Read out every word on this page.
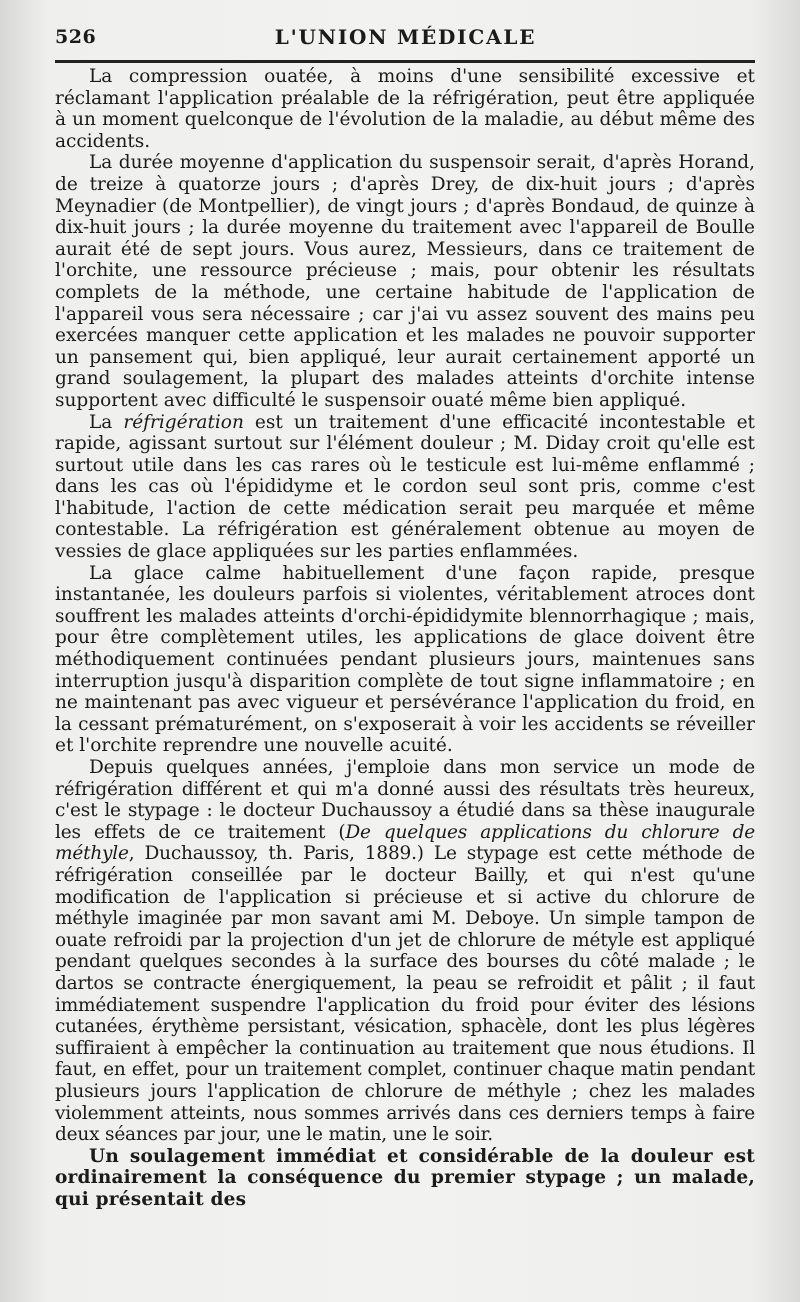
526	L'UNION MÉDICALE

La compression ouatée, à moins d'une sensibilité excessive et réclamant l'application préalable de la réfrigération, peut être appliquée à un moment quelconque de l'évolution de la maladie, au début même des accidents.

La durée moyenne d'application du suspensoir serait, d'après Horand, de treize à quatorze jours ; d'après Drey, de dix-huit jours ; d'après Meynadier (de Montpellier), de vingt jours ; d'après Bondaud, de quinze à dix-huit jours ; la durée moyenne du traitement avec l'appareil de Boulle aurait été de sept jours. Vous aurez, Messieurs, dans ce traitement de l'orchite, une ressource précieuse ; mais, pour obtenir les résultats complets de la méthode, une certaine habitude de l'application de l'appareil vous sera nécessaire ; car j'ai vu assez souvent des mains peu exercées manquer cette application et les malades ne pouvoir supporter un pansement qui, bien appliqué, leur aurait certainement apporté un grand soulagement, la plupart des malades atteints d'orchite intense supportent avec difficulté le suspensoir ouaté même bien appliqué.

La réfrigération est un traitement d'une efficacité incontestable et rapide, agissant surtout sur l'élément douleur ; M. Diday croit qu'elle est surtout utile dans les cas rares où le testicule est lui-même enflammé ; dans les cas où l'épididyme et le cordon seul sont pris, comme c'est l'habitude, l'action de cette médication serait peu marquée et même contestable. La réfrigération est généralement obtenue au moyen de vessies de glace appliquées sur les parties enflammées.

La glace calme habituellement d'une façon rapide, presque instantanée, les douleurs parfois si violentes, véritablement atroces dont souffrent les malades atteints d'orchi-épididymite blennorrhagique ; mais, pour être complètement utiles, les applications de glace doivent être méthodiquement continuées pendant plusieurs jours, maintenues sans interruption jusqu'à disparition complète de tout signe inflammatoire ; en ne maintenant pas avec vigueur et persévérance l'application du froid, en la cessant prématurément, on s'exposerait à voir les accidents se réveiller et l'orchite reprendre une nouvelle acuité.

Depuis quelques années, j'emploie dans mon service un mode de réfrigération différent et qui m'a donné aussi des résultats très heureux, c'est le stypage : le docteur Duchaussoy a étudié dans sa thèse inaugurale les effets de ce traitement (De quelques applications du chlorure de méthyle, Duchaussoy, th. Paris, 1889.) Le stypage est cette méthode de réfrigération conseillée par le docteur Bailly, et qui n'est qu'une modification de l'application si précieuse et si active du chlorure de méthyle imaginée par mon savant ami M. Deboye. Un simple tampon de ouate refroidi par la projection d'un jet de chlorure de métyle est appliqué pendant quelques secondes à la surface des bourses du côté malade ; le dartos se contracte énergiquement, la peau se refroidit et pâlit ; il faut immédiatement suspendre l'application du froid pour éviter des lésions cutanées, érythème persistant, vésication, sphacèle, dont les plus légères suffiraient à empêcher la continuation au traitement que nous étudions. Il faut, en effet, pour un traitement complet, continuer chaque matin pendant plusieurs jours l'application de chlorure de méthyle ; chez les malades violemment atteints, nous sommes arrivés dans ces derniers temps à faire deux séances par jour, une le matin, une le soir.

Un soulagement immédiat et considérable de la douleur est ordinairement la conséquence du premier stypage ; un malade, qui présentait des
